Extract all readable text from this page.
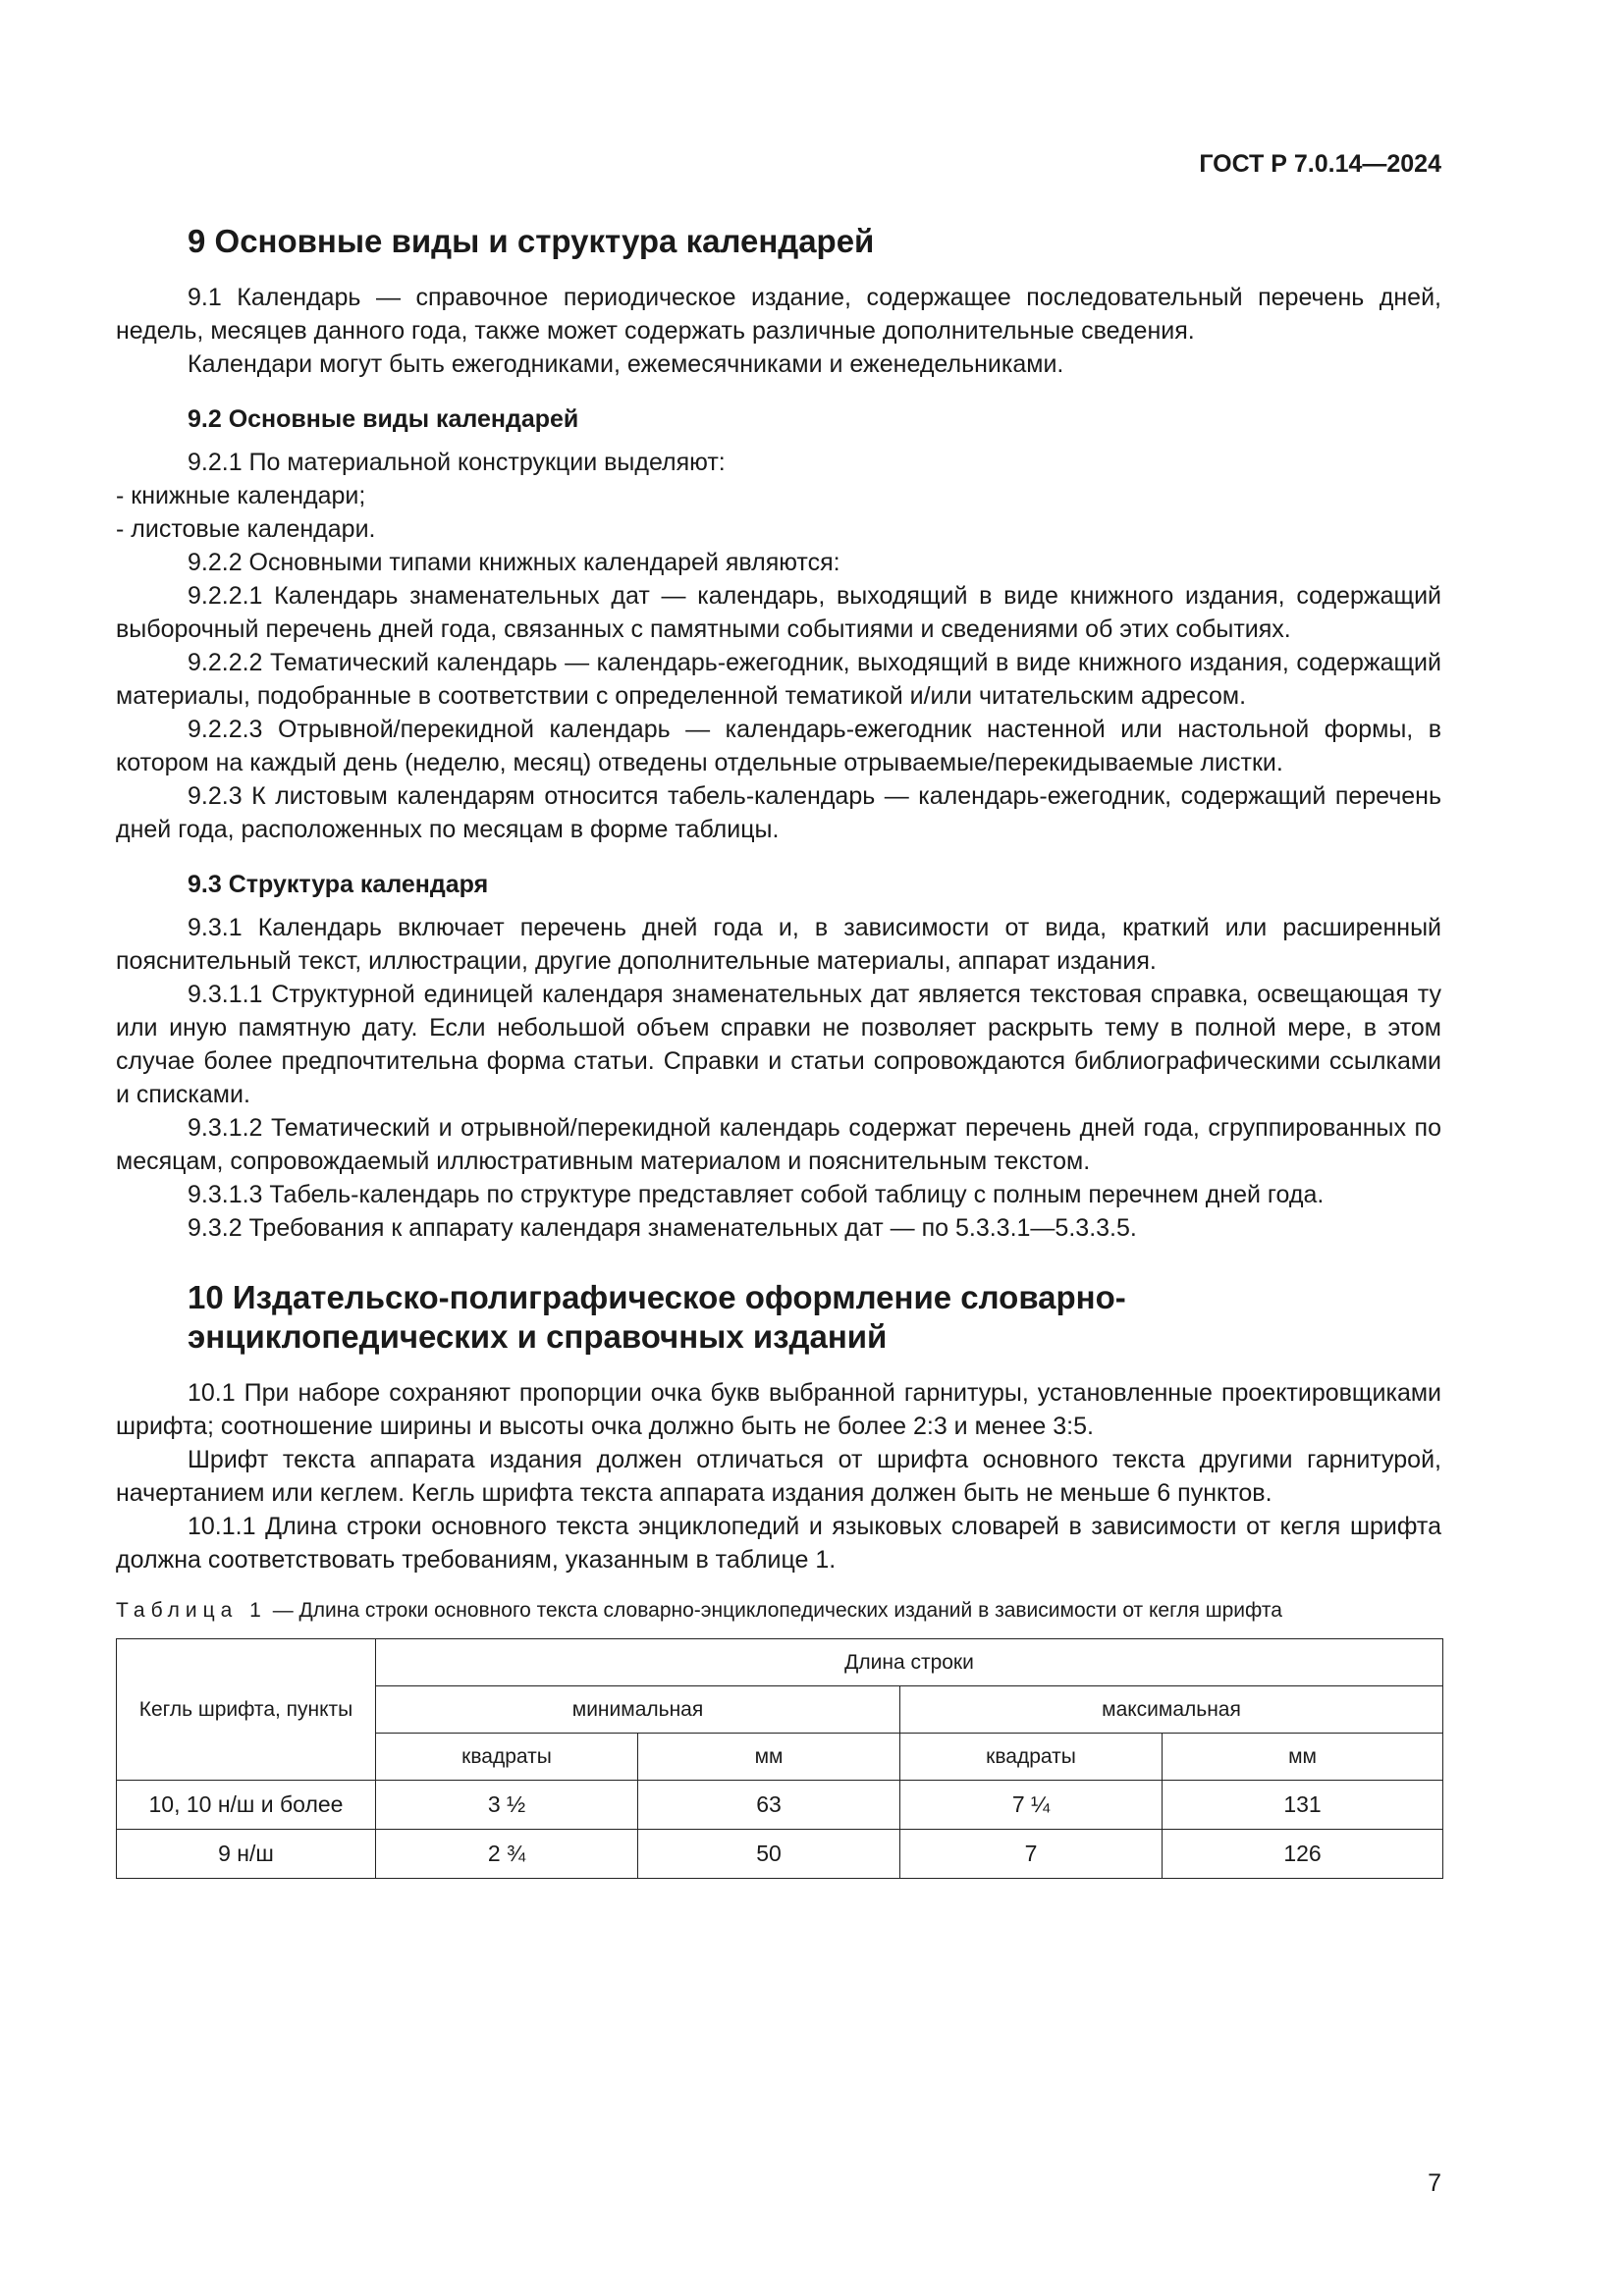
ГОСТ Р 7.0.14—2024
9 Основные виды и структура календарей

9.1 Календарь — справочное периодическое издание, содержащее последовательный перечень дней, недель, месяцев данного года, также может содержать различные дополнительные сведения.

Календари могут быть ежегодниками, ежемесячниками и еженедельниками.

9.2 Основные виды календарей

9.2.1 По материальной конструкции выделяют:

- книжные календари;

- листовые календари.

9.2.2 Основными типами книжных календарей являются:

9.2.2.1 Календарь знаменательных дат — календарь, выходящий в виде книжного издания, содержащий выборочный перечень дней года, связанных с памятными событиями и сведениями об этих событиях.

9.2.2.2 Тематический календарь — календарь-ежегодник, выходящий в виде книжного издания, содержащий материалы, подобранные в соответствии с определенной тематикой и/или читательским адресом.

9.2.2.3 Отрывной/перекидной календарь — календарь-ежегодник настенной или настольной формы, в котором на каждый день (неделю, месяц) отведены отдельные отрываемые/перекидываемые листки.

9.2.3 К листовым календарям относится табель-календарь — календарь-ежегодник, содержащий перечень дней года, расположенных по месяцам в форме таблицы.

9.3 Структура календаря

9.3.1 Календарь включает перечень дней года и, в зависимости от вида, краткий или расширенный пояснительный текст, иллюстрации, другие дополнительные материалы, аппарат издания.

9.3.1.1 Структурной единицей календаря знаменательных дат является текстовая справка, освещающая ту или иную памятную дату. Если небольшой объем справки не позволяет раскрыть тему в полной мере, в этом случае более предпочтительна форма статьи. Справки и статьи сопровождаются библиографическими ссылками и списками.

9.3.1.2 Тематический и отрывной/перекидной календарь содержат перечень дней года, сгруппированных по месяцам, сопровождаемый иллюстративным материалом и пояснительным текстом.

9.3.1.3 Табель-календарь по структуре представляет собой таблицу с полным перечнем дней года.

9.3.2 Требования к аппарату календаря знаменательных дат — по 5.3.3.1—5.3.3.5.

10 Издательско-полиграфическое оформление словарно-
энциклопедических и справочных изданий

10.1 При наборе сохраняют пропорции очка букв выбранной гарнитуры, установленные проектировщиками шрифта; соотношение ширины и высоты очка должно быть не более 2:3 и менее 3:5.

Шрифт текста аппарата издания должен отличаться от шрифта основного текста другими гарнитурой, начертанием или кеглем. Кегль шрифта текста аппарата издания должен быть не меньше 6 пунктов.

10.1.1 Длина строки основного текста энциклопедий и языковых словарей в зависимости от кегля шрифта должна соответствовать требованиям, указанным в таблице 1.

Таблица 1 — Длина строки основного текста словарно-энциклопедических изданий в зависимости от кегля шрифта

Кегль шрифта, пункты	Длина строки			
	минимальная		максимальная	
	квадраты	мм	квадраты	мм
10, 10 н/ш и более	3 ½	63	7 ¼	131
9 н/ш	2 ¾	50	7	126
7
